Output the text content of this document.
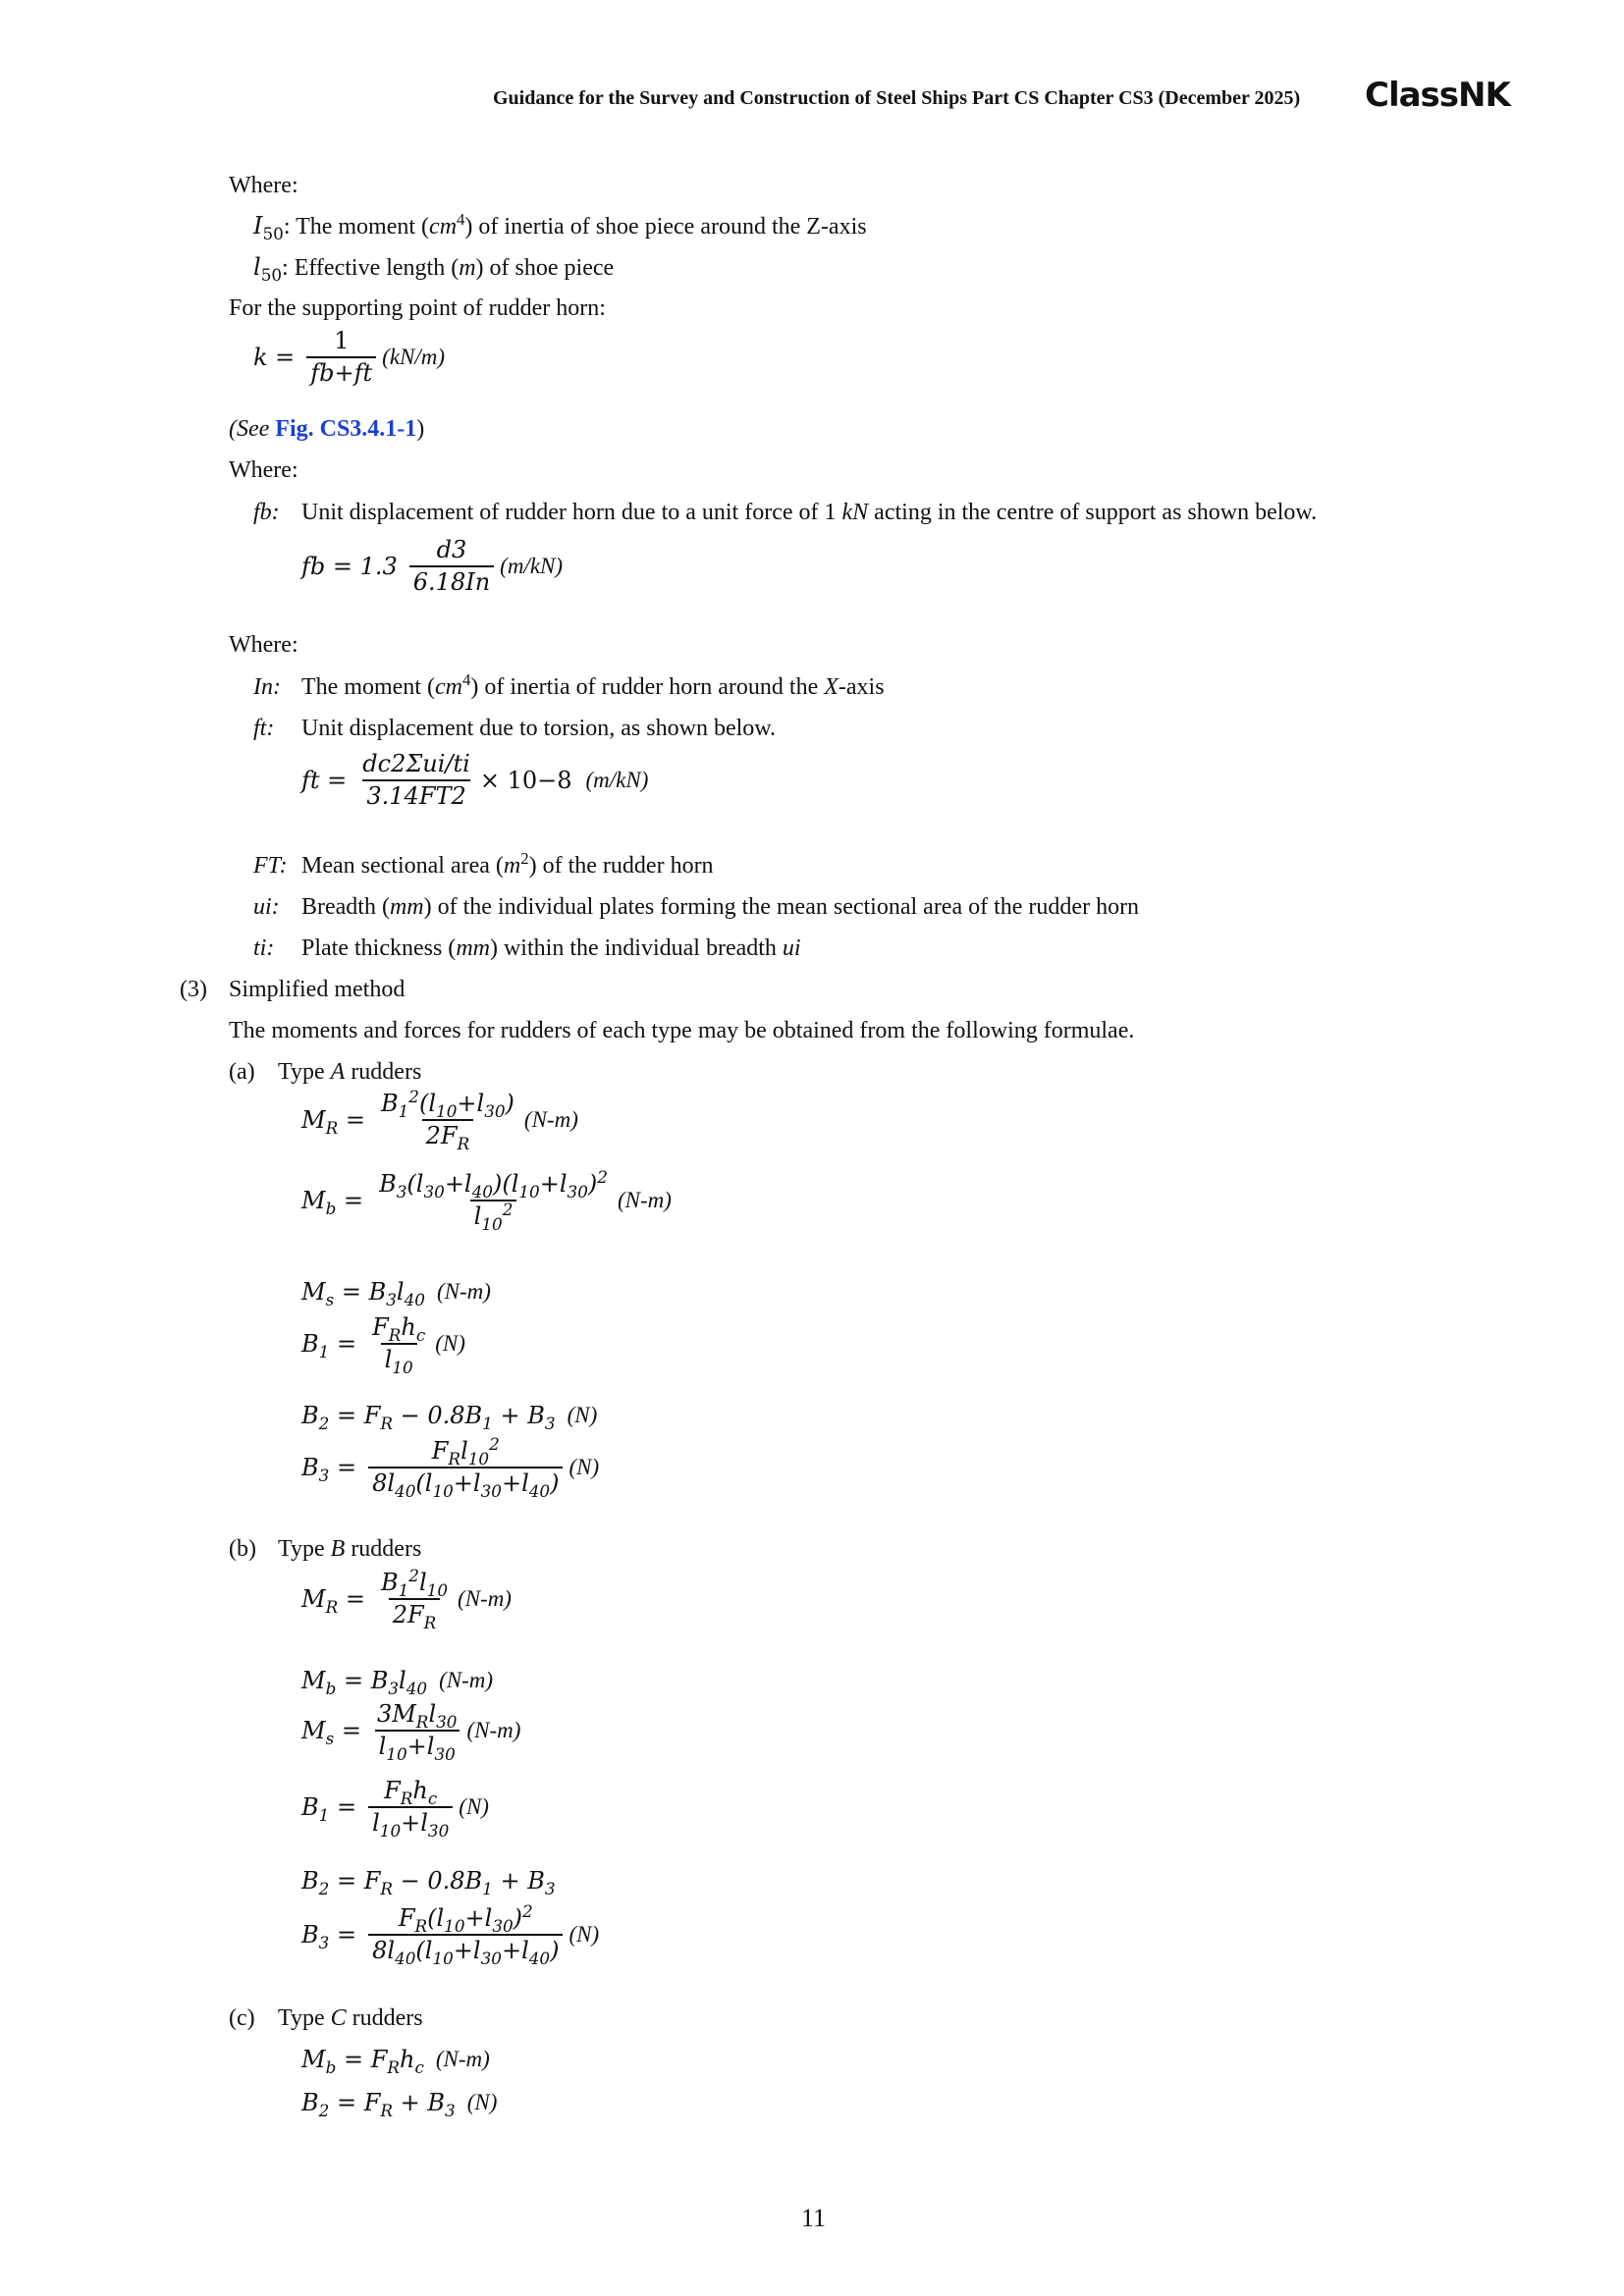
Guidance for the Survey and Construction of Steel Ships Part CS Chapter CS3 (December 2025) ClassNK
Where:
$I_{50}$: The moment $(cm^4)$ of inertia of shoe piece around the Z-axis
$l_{50}$: Effective length (m) of shoe piece
For the supporting point of rudder horn:
$k = \frac{1}{fb+ft} (kN/m)$
(See Fig. CS3.4.1-1)
Where:
fb: Unit displacement of rudder horn due to a unit force of 1 kN acting in the centre of support as shown below.
fb = $1.3 \frac{d3}{6.18In} (m/kN)$
Where:
In: The moment $(cm^4)$ of inertia of rudder horn around the X-axis
ft: Unit displacement due to torsion, as shown below.
ft = $\frac{\text{dc2Σui/ti}}{3.14FT2} \times 10-8$ (m/kN)
FT: Mean sectional area $(m^2)$ of the rudder horn
ui: Breadth (mm) of the individual plates forming the mean sectional area of the rudder horn
ti: Plate thickness (mm) within the individual breadth ui
(3) Simplified method
The moments and forces for rudders of each type may be obtained from the following formulae.
(a) Type A rudders
$M_R = \frac{B_1^2(l_{10}+l_{30})}{2F_R} (N-m)$
$M_b = \frac{B_3(l_{30}+l_{40})(l_{10}+l_{30})^2}{l_{10}^2} (N-m)$
$M_s = B_3l_{40}$ (N-m)
$B_1 = \frac{F_Rh_c}{l_{10}} (N)$
$B_2 = F_R - 0.8B_1 + B_3$ (N)
$B_3 = \frac{F_Rl_{10}^2}{8l_{40}(l_{10}+l_{30}+l_{40})} (N)$
(b) Type B rudders
$M_R = \frac{B_1^2l_{10}}{2F_R} (N-m)$
$M_b = B_3l_{40}$ (N-m)
$M_s = \frac{3M_Rl_{30}}{l_{10}+l_{30}} (N-m)$
$B_1 = \frac{F_Rh_c}{l_{10}+l_{30}} (N)$
$B_2 = F_R - 0.8B_1 + B_3$
$B_3 = \frac{F_R(l_{10}+l_{30})^2}{8l_{40}(l_{10}+l_{30}+l_{40})} (N)$
(c) Type C rudders
$M_b = F_Rh_c$ (N-m)
$B_2 = F_R + B_3$ (N)
11
